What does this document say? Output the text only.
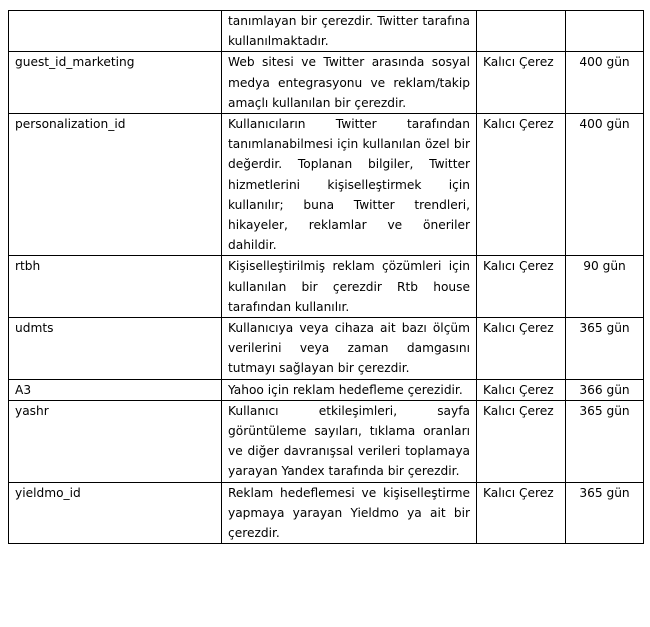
	tanımlayan bir çerezdir. Twitter tarafına kullanılmaktadır.		
guest_id_marketing	Web sitesi ve Twitter arasında sosyal medya entegrasyonu ve reklam/takip amaçlı kullanılan bir çerezdir.	Kalıcı Çerez	400 gün
personalization_id	Kullanıcıların Twitter tarafından tanımlanabilmesi için kullanılan özel bir değerdir. Toplanan bilgiler, Twitter hizmetlerini kişiselleştirmek için kullanılır; buna Twitter trendleri, hikayeler, reklamlar ve öneriler dahildir.	Kalıcı Çerez	400 gün
rtbh	Kişiselleştirilmiş reklam çözümleri için kullanılan bir çerezdir Rtb house tarafından kullanılır.	Kalıcı Çerez	90 gün
udmts	Kullanıcıya veya cihaza ait bazı ölçüm verilerini veya zaman damgasını tutmayı sağlayan bir çerezdir.	Kalıcı Çerez	365 gün
A3	Yahoo için reklam hedefleme çerezidir.	Kalıcı Çerez	366 gün
yashr	Kullanıcı etkileşimleri, sayfa görüntüleme sayıları, tıklama oranları ve diğer davranışsal verileri toplamaya yarayan Yandex tarafında bir çerezdir.	Kalıcı Çerez	365 gün
yieldmo_id	Reklam hedeflemesi ve kişiselleştirme yapmaya yarayan Yieldmo ya ait bir çerezdir.	Kalıcı Çerez	365 gün
